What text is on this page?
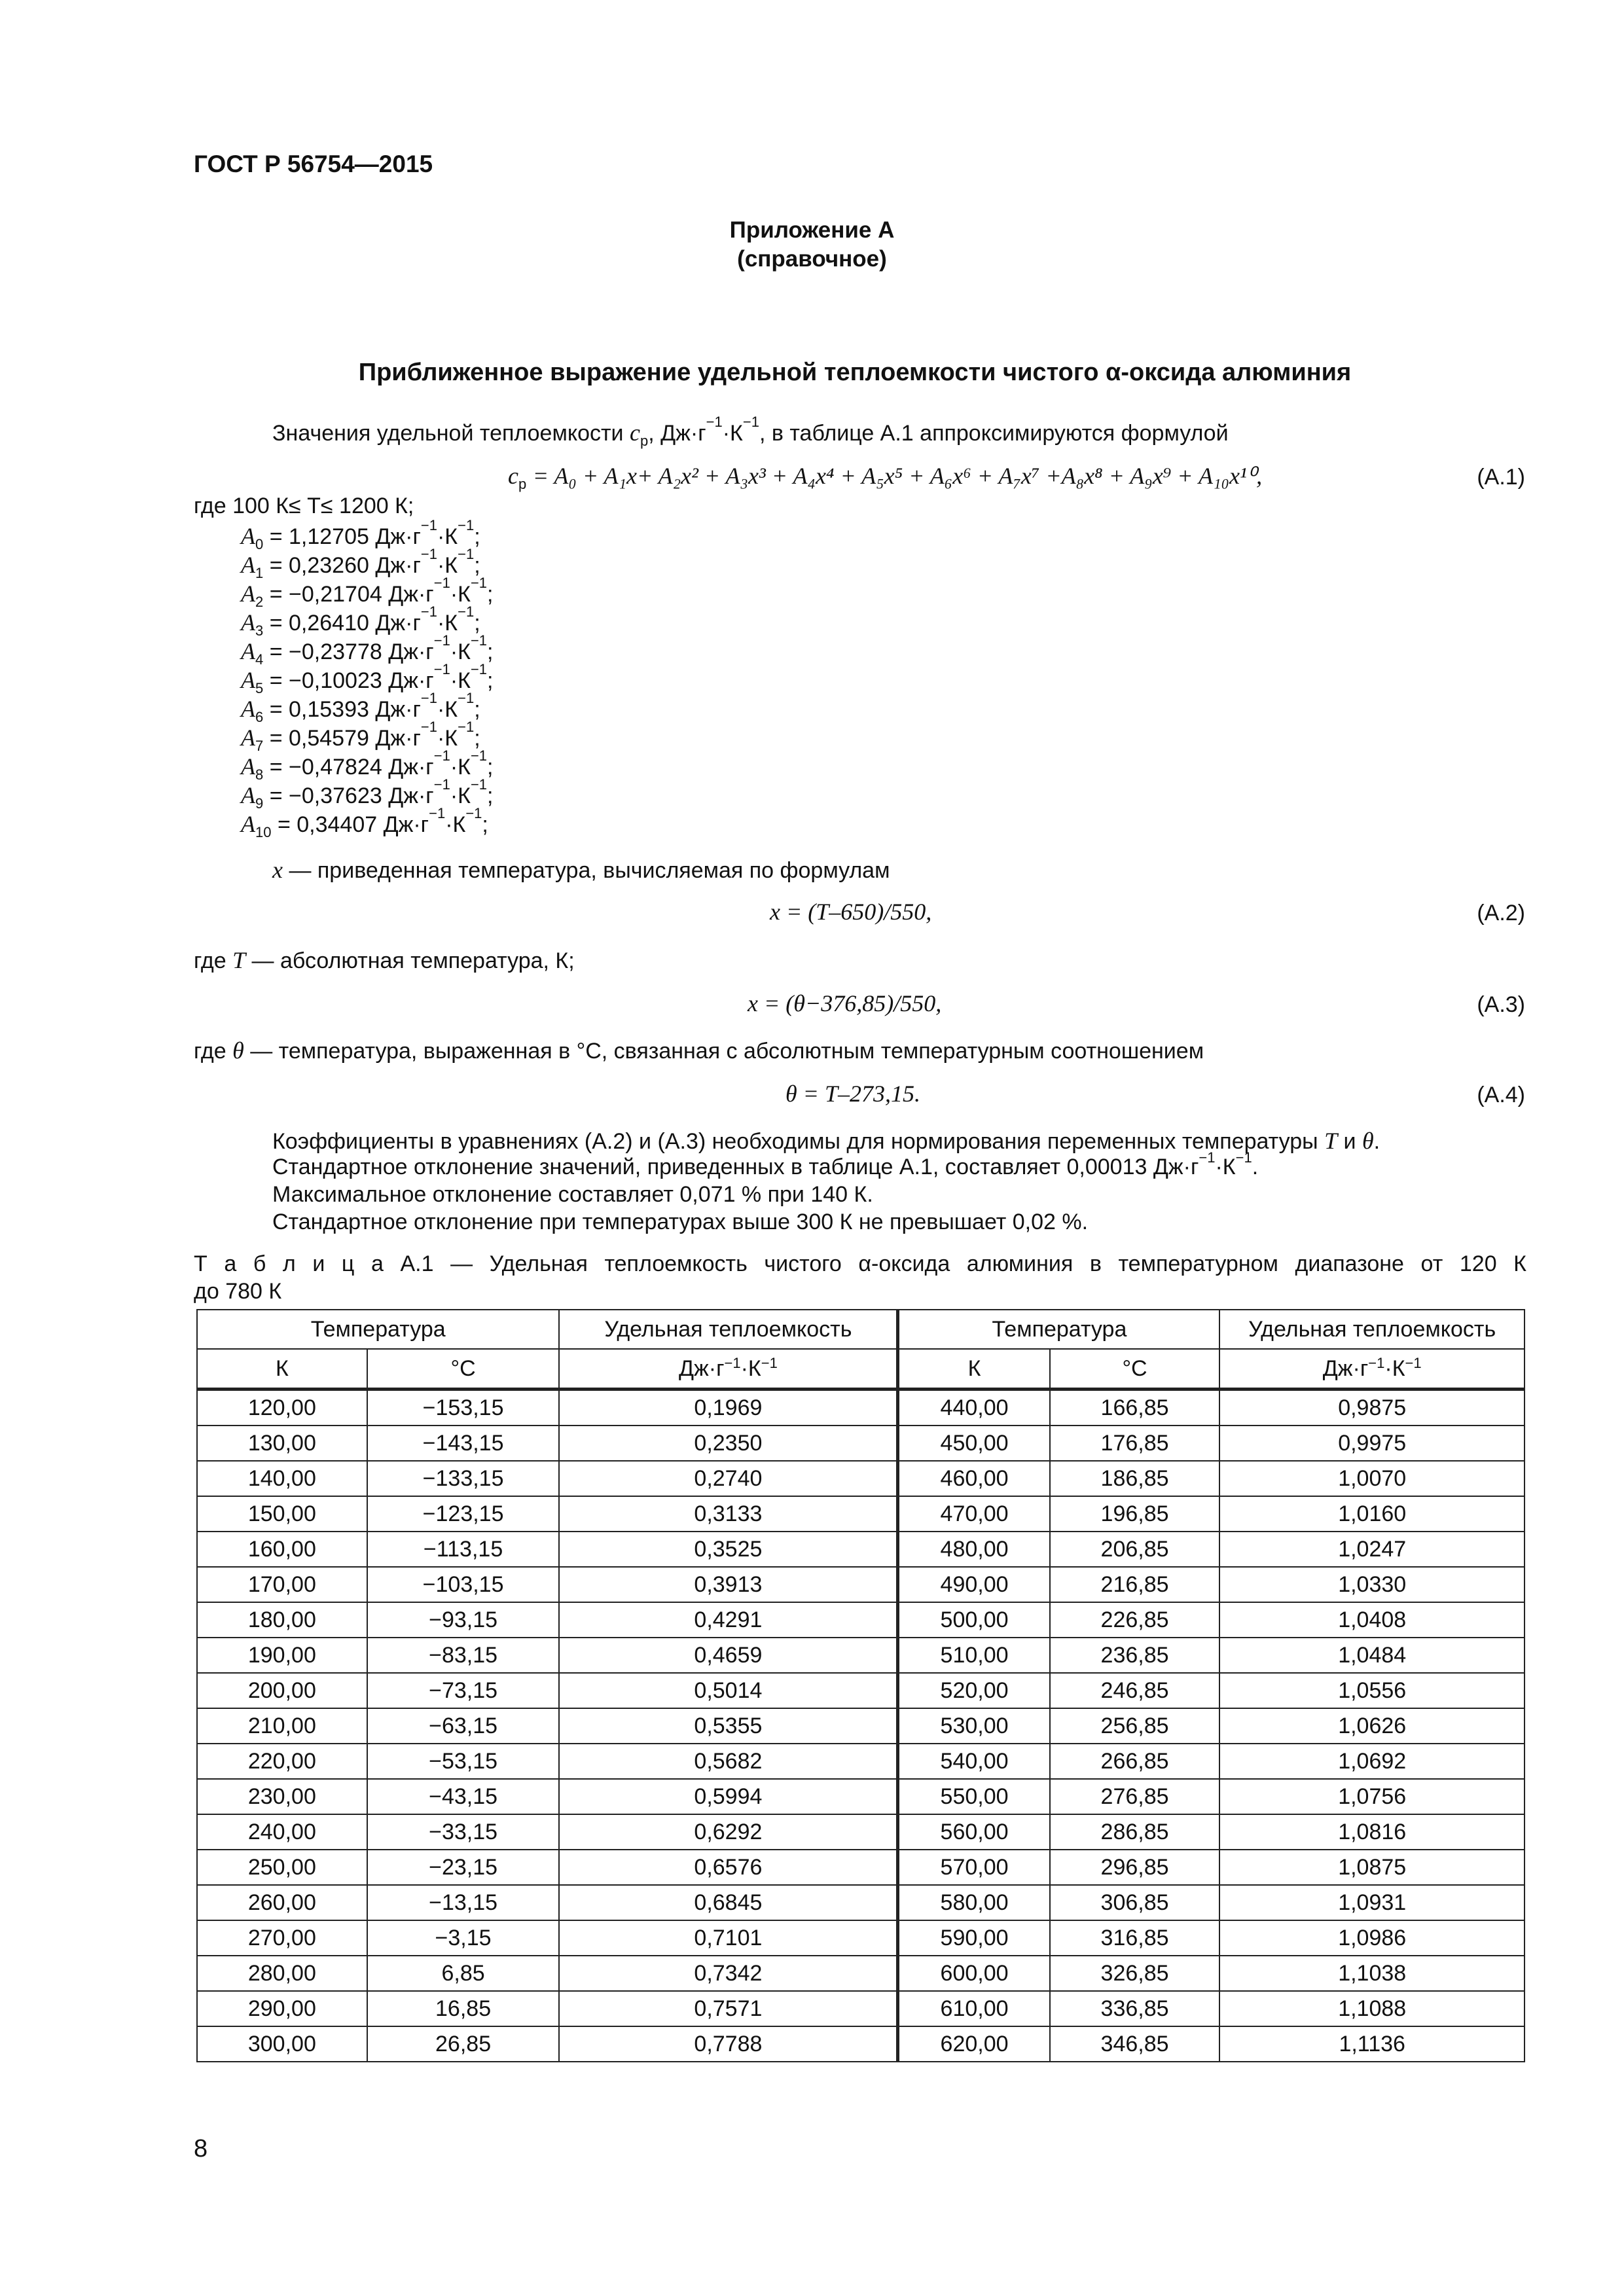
ГОСТ Р 56754—2015
Приложение А
(справочное)
Приближенное выражение удельной теплоемкости чистого α-оксида алюминия
Значения удельной теплоемкости $c_p$, $Дж\cdot г^{-1}\cdot К^{-1}$, в таблице А.1 аппроксимируются формулой
$c_p = A_0 + A_1x+ A_2x^2 + A_3x^3 + A_4x^4 + A_5x^5 + A_6x^6 + A_7x^7 +A_8x^8 + A_9x^9 + A_{10}x^{10}$,	(А.1)
где 100 К≤ T≤ 1200 К;
$A_0 = 1,12705$ $Дж\cdot г^{-1}\cdot К^{-1}$;
$A_1 = 0,23260$ $Дж\cdot г^{-1}\cdot К^{-1}$;
$A_2 = -0,21704$ $Дж\cdot г^{-1}\cdot К^{-1}$;
$A_3 = 0,26410$ $Дж\cdot г^{-1}\cdot К^{-1}$;
$A_4 = -0,23778$ $Дж\cdot г^{-1}\cdot К^{-1}$;
$A_5 = -0,10023$ $Дж\cdot г^{-1}\cdot К^{-1}$;
$A_6 = 0,15393$ $Дж\cdot г^{-1}\cdot К^{-1}$;
$A_7 = 0,54579$ $Дж\cdot г^{-1}\cdot К^{-1}$;
$A_8 = -0,47824$ $Дж\cdot г^{-1}\cdot К^{-1}$;
$A_9 = -0,37623$ $Дж\cdot г^{-1}\cdot К^{-1}$;
$A_{10} = 0,34407$ $Дж\cdot г^{-1}\cdot К^{-1}$;
x — приведенная температура, вычисляемая по формулам
x = (T–650)/550,	(А.2)
где T — абсолютная температура, К;
x = (θ−376,85)/550,	(А.3)
где θ — температура, выраженная в °С, связанная с абсолютным температурным соотношением
θ = T–273,15.	(А.4)
Коэффициенты в уравнениях (А.2) и (А.3) необходимы для нормирования переменных температуры T и θ.
Стандартное отклонение значений, приведенных в таблице А.1, составляет 0,00013 $Дж\cdot г^{-1}\cdot К^{-1}$.
Максимальное отклонение составляет 0,071 % при 140 К.
Стандартное отклонение при температурах выше 300 К не превышает 0,02 %.
Т а б л и ц а А.1 — Удельная теплоемкость чистого α-оксида алюминия в температурном диапазоне от 120 К
до 780 К
Температура		Удельная теплоемкость	Температура		Удельная теплоемкость
К	°С	$Дж\cdot г^{-1}\cdot К^{-1}$	К	°С	$Дж\cdot г^{-1}\cdot К^{-1}$
120,00	−153,15	0,1969	440,00	166,85	0,9875
130,00	−143,15	0,2350	450,00	176,85	0,9975
140,00	−133,15	0,2740	460,00	186,85	1,0070
150,00	−123,15	0,3133	470,00	196,85	1,0160
160,00	−113,15	0,3525	480,00	206,85	1,0247
170,00	−103,15	0,3913	490,00	216,85	1,0330
180,00	−93,15	0,4291	500,00	226,85	1,0408
190,00	−83,15	0,4659	510,00	236,85	1,0484
200,00	−73,15	0,5014	520,00	246,85	1,0556
210,00	−63,15	0,5355	530,00	256,85	1,0626
220,00	−53,15	0,5682	540,00	266,85	1,0692
230,00	−43,15	0,5994	550,00	276,85	1,0756
240,00	−33,15	0,6292	560,00	286,85	1,0816
250,00	−23,15	0,6576	570,00	296,85	1,0875
260,00	−13,15	0,6845	580,00	306,85	1,0931
270,00	−3,15	0,7101	590,00	316,85	1,0986
280,00	6,85	0,7342	600,00	326,85	1,1038
290,00	16,85	0,7571	610,00	336,85	1,1088
300,00	26,85	0,7788	620,00	346,85	1,1136
8
